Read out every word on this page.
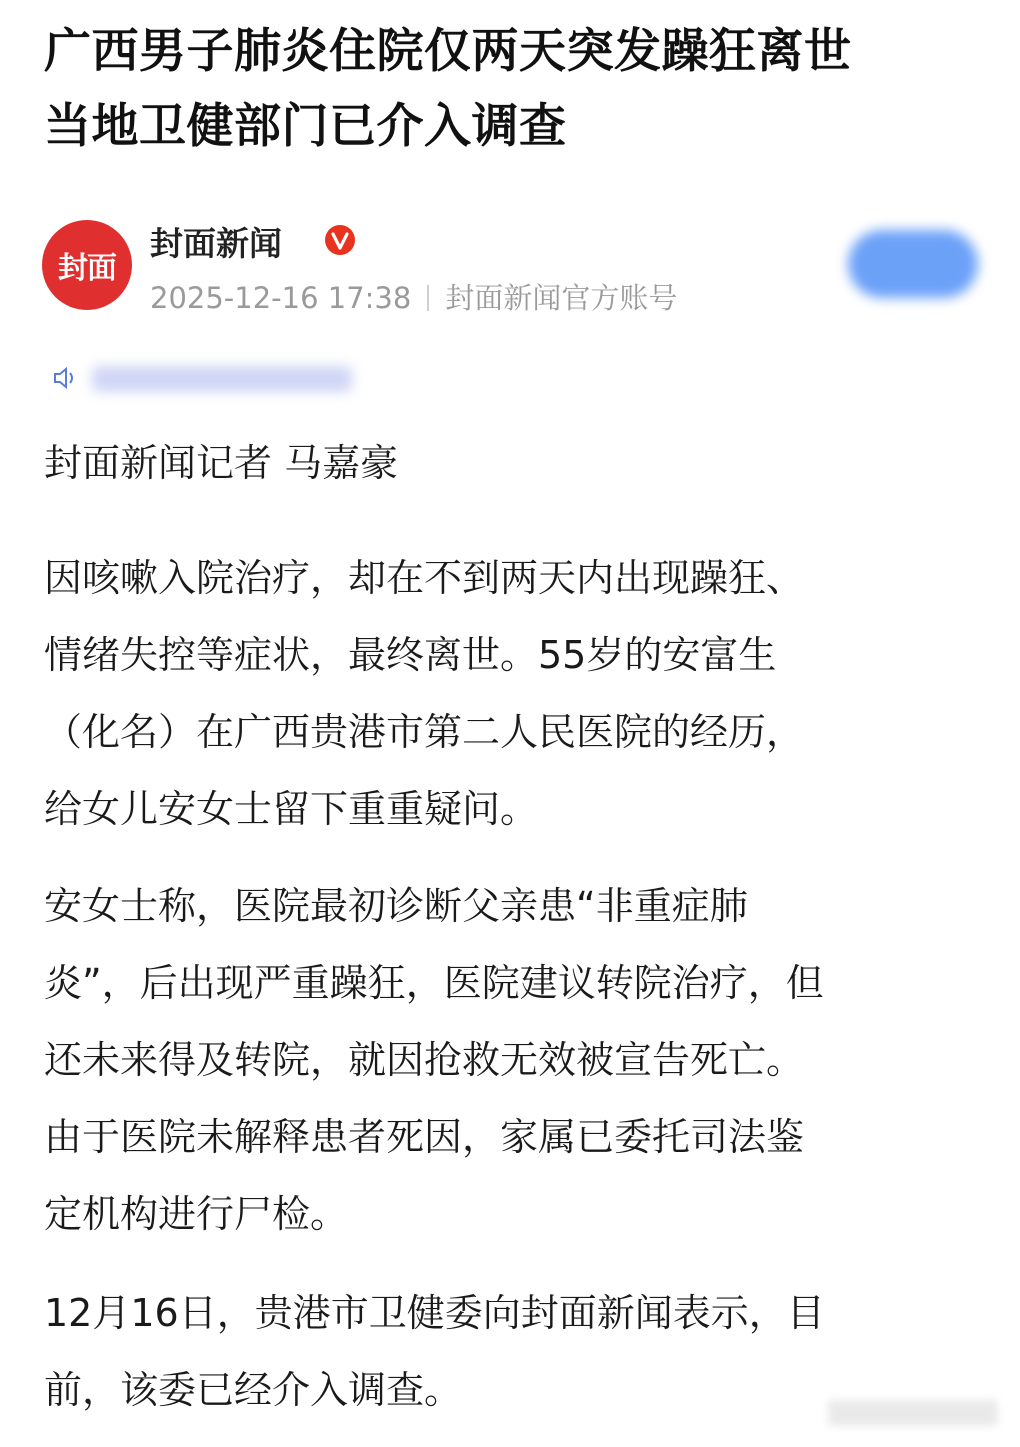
广西男子肺炎住院仅两天突发躁狂离世
当地卫健部门已介入调查
封面
封面新闻
2025-12-16 17:38 封面新闻官方账号

封面新闻记者 马嘉豪

因咳嗽入院治疗，却在不到两天内出现躁狂、
情绪失控等症状，最终离世。55岁的安富生
（化名）在广西贵港市第二人民医院的经历，
给女儿安女士留下重重疑问。
安女士称，医院最初诊断父亲患“非重症肺
炎”，后出现严重躁狂，医院建议转院治疗，但
还未来得及转院，就因抢救无效被宣告死亡。
由于医院未解释患者死因，家属已委托司法鉴
定机构进行尸检。
12月16日，贵港市卫健委向封面新闻表示，目
前，该委已经介入调查。
